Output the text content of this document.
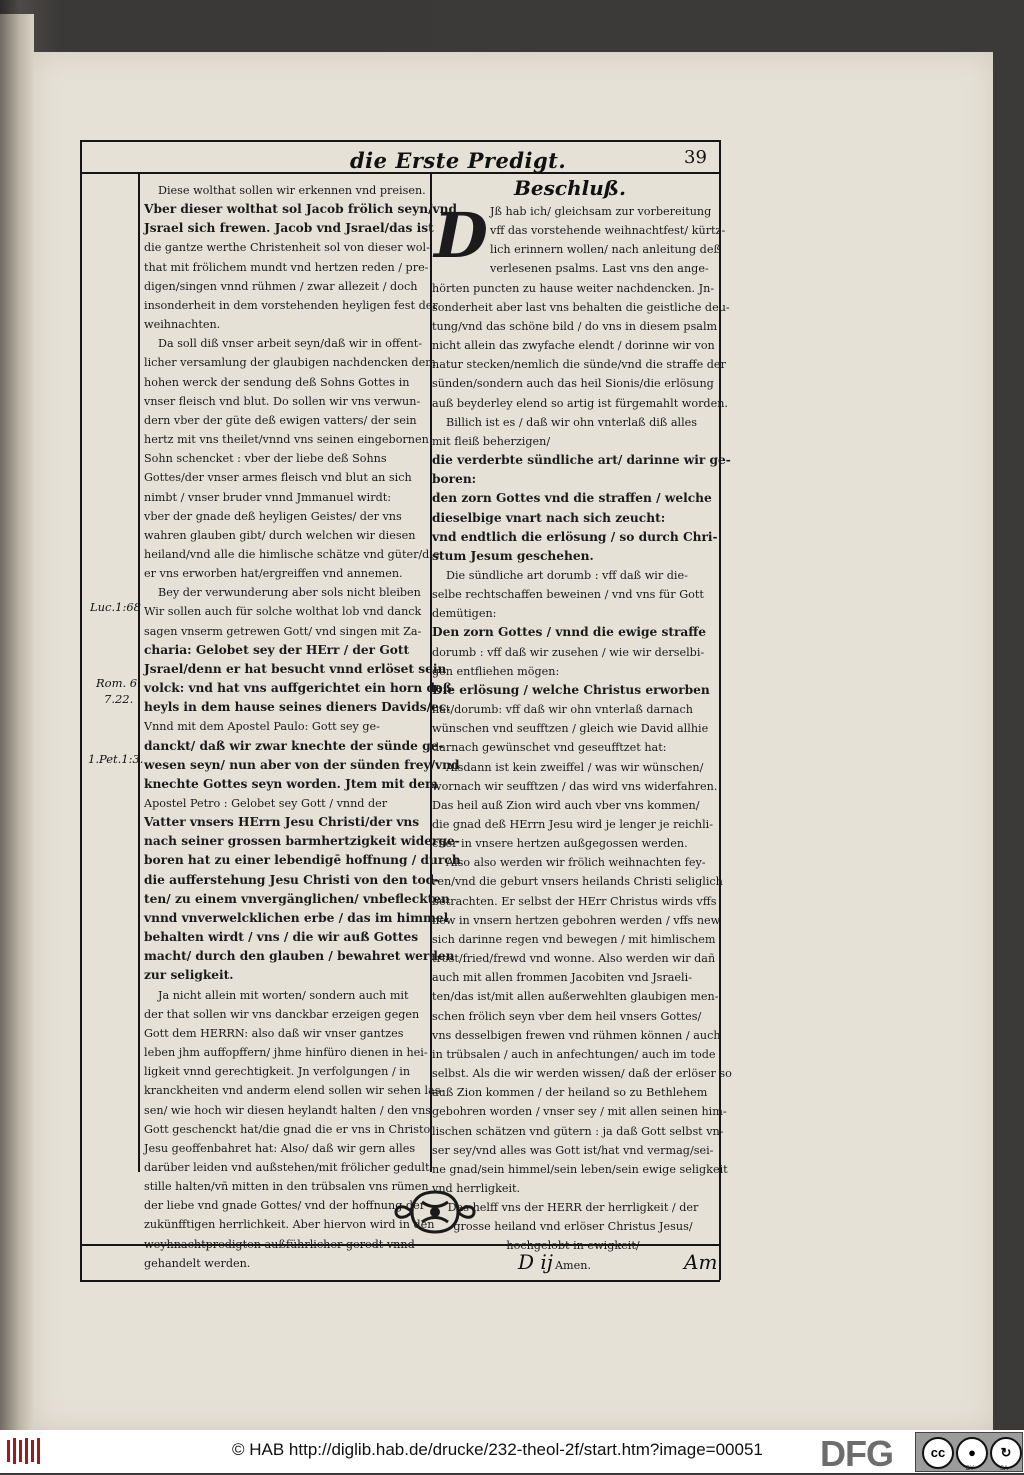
die Erste Predigt.	39
Diese wolthat sollen wir erkennen vnd preisen.
Vber dieser wolthat sol Jacob frölich seyn/vnd
Jsrael sich frewen. Jacob vnd Jsrael/das ist
die gantze werthe Christenheit sol von dieser wol-
that mit frölichem mundt vnd hertzen reden / pre-
digen/singen vnnd rühmen / zwar allezeit / doch
insonderheit in dem vorstehenden heyligen fest der
weihnachten.
Da soll diß vnser arbeit seyn/daß wir in offent-
licher versamlung der glaubigen nachdencken dem
hohen werck der sendung deß Sohns Gottes in
vnser fleisch vnd blut. Do sollen wir vns verwun-
dern vber der güte deß ewigen vatters/ der sein
hertz mit vns theilet/vnnd vns seinen eingebornen
Sohn schencket : vber der liebe deß Sohns
Gottes/der vnser armes fleisch vnd blut an sich
nimbt / vnser bruder vnnd Jmmanuel wirdt:
vber der gnade deß heyligen Geistes/ der vns
wahren glauben gibt/ durch welchen wir diesen
heiland/vnd alle die himlische schätze vnd güter/die
er vns erworben hat/ergreiffen vnd annemen.
Bey der verwunderung aber sols nicht bleiben
Wir sollen auch für solche wolthat lob vnd danck
sagen vnserm getrewen Gott/ vnd singen mit Za-
charia: Gelobet sey der HErr / der Gott
Jsrael/denn er hat besucht vnnd erlöset sein
volck: vnd hat vns auffgerichtet ein horn deß
heyls in dem hause seines dieners Davids/ec.
Vnnd mit dem Apostel Paulo: Gott sey ge-
danckt/ daß wir zwar knechte der sünde ge-
wesen seyn/ nun aber von der sünden frey/vnd
knechte Gottes seyn worden. Jtem mit dem
Apostel Petro : Gelobet sey Gott / vnnd der
Vatter vnsers HErrn Jesu Christi/der vns
nach seiner grossen barmhertzigkeit widerge-
boren hat zu einer lebendigē hoffnung / durch
die aufferstehung Jesu Christi von den tod-
ten/ zu einem vnvergänglichen/ vnbefleckten
vnnd vnverwelcklichen erbe / das im himmel
behalten wirdt / vns / die wir auß Gottes
macht/ durch den glauben / bewahret werden
zur seligkeit.
Ja nicht allein mit worten/ sondern auch mit
der that sollen wir vns danckbar erzeigen gegen
Gott dem HERRN: also daß wir vnser gantzes
leben jhm auffopffern/ jhme hinfüro dienen in hei-
ligkeit vnnd gerechtigkeit. Jn verfolgungen / in
kranckheiten vnd anderm elend sollen wir sehen las-
sen/ wie hoch wir diesen heylandt halten / den vns
Gott geschenckt hat/die gnad die er vns in Christo
Jesu geoffenbahret hat: Also/ daß wir gern alles
darüber leiden vnd außstehen/mit frölicher gedult
stille halten/vñ mitten in den trübsalen vns rümen
der liebe vnd gnade Gottes/ vnd der hoffnung der
zukünfftigen herrlichkeit. Aber hiervon wird in den
weyhnachtpredigten außführlicher geredt vnnd
gehandelt werden.
Luc.1:68
Rom. 6:
7.22.
1.Pet.1:3.
Beschluß.
D Jß hab ich/ gleichsam zur vorbereitung
vff das vorstehende weihnachtfest/ kürtz-
lich erinnern wollen/ nach anleitung deß
verlesenen psalms. Last vns den ange-
hörten puncten zu hause weiter nachdencken. Jn-
sonderheit aber last vns behalten die geistliche deu-
tung/vnd das schöne bild / do vns in diesem psalm
nicht allein das zwyfache elendt / dorinne wir von
natur stecken/nemlich die sünde/vnd die straffe der
sünden/sondern auch das heil Sionis/die erlösung
auß beyderley elend so artig ist fürgemahlt worden.
Billich ist es / daß wir ohn vnterlaß diß alles
mit fleiß beherzigen/
die verderbte sündliche art/ darinne wir ge-
boren:
den zorn Gottes vnd die straffen / welche
dieselbige vnart nach sich zeucht:
vnd endtlich die erlösung / so durch Chri-
stum Jesum geschehen.
Die sündliche art dorumb : vff daß wir die-
selbe rechtschaffen beweinen / vnd vns für Gott
demütigen:
Den zorn Gottes / vnnd die ewige straffe
dorumb : vff daß wir zusehen / wie wir derselbi-
gen entfliehen mögen:
Die erlösung / welche Christus erworben
hat/dorumb: vff daß wir ohn vnterlaß darnach
wünschen vnd seufftzen / gleich wie David allhie
darnach gewünschet vnd geseufftzet hat:
Alsdann ist kein zweiffel / was wir wünschen/
wornach wir seufftzen / das wird vns widerfahren.
Das heil auß Zion wird auch vber vns kommen/
die gnad deß HErrn Jesu wird je lenger je reichli-
cher in vnsere hertzen außgegossen werden.
Also also werden wir frölich weihnachten fey-
ren/vnd die geburt vnsers heilands Christi seliglich
betrachten. Er selbst der HErr Christus wirds vffs
new in vnsern hertzen gebohren werden / vffs new
sich darinne regen vnd bewegen / mit himlischem
trost/fried/frewd vnd wonne. Also werden wir dañ
auch mit allen frommen Jacobiten vnd Jsraeli-
ten/das ist/mit allen außerwehlten glaubigen men-
schen frölich seyn vber dem heil vnsers Gottes/
vns desselbigen frewen vnd rühmen können / auch
in trübsalen / auch in anfechtungen/ auch im tode
selbst. Als die wir werden wissen/ daß der erlöser so
auß Zion kommen / der heiland so zu Bethlehem
gebohren worden / vnser sey / mit allen seinen him-
lischen schätzen vnd gütern : ja daß Gott selbst vn-
ser sey/vnd alles was Gott ist/hat vnd vermag/sei-
ne gnad/sein himmel/sein leben/sein ewige seligkeit
vnd herrligkeit.
Das helff vns der HERR der herrligkeit / der
grosse heiland vnd erlöser Christus Jesus/
hochgelobt in ewigkeit/
Amen.
D ij	Am
© HAB http://diglib.hab.de/drucke/232-theol-2f/start.htm?image=00051 DFG	cc	●	↻
BY	SA
